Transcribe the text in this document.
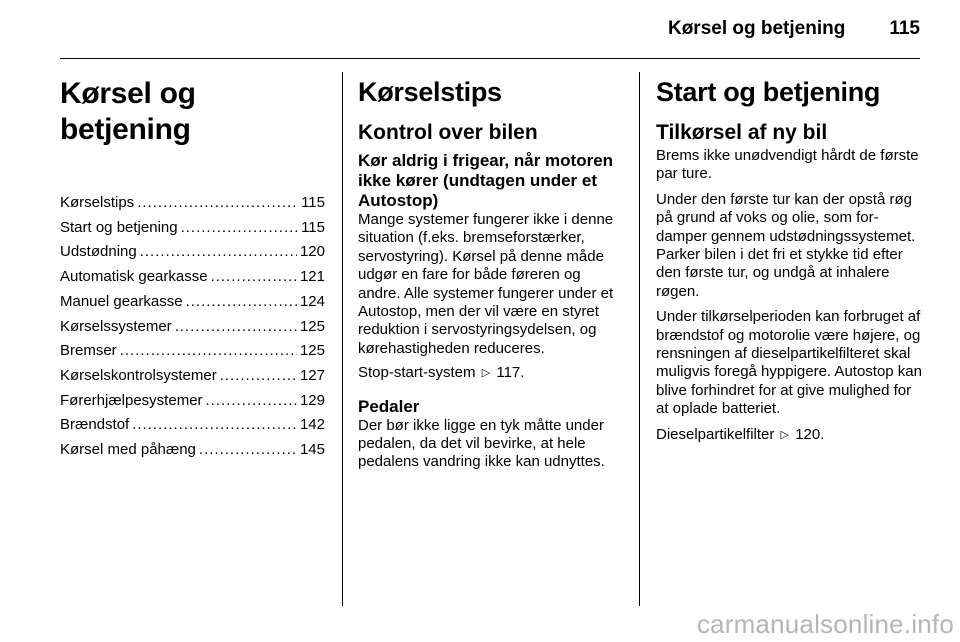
Kørsel og betjening 115
Kørsel og betjening
Kørselstips .....	115
Start og betjening .....	115
Udstødning .....	120
Automatisk gearkasse .....	121
Manuel gearkasse .....	124
Kørselssystemer .....	125
Bremser .....	125
Kørselskontrolsystemer .....	127
Førerhjælpesystemer .....	129
Brændstof .....	142
Kørsel med påhæng .....	145
Kørselstips
Kontrol over bilen
Kør aldrig i frigear, når motoren ikke kører (undtagen under et Autostop)

Mange systemer fungerer ikke i denne situation (f.eks. bremseforstærker, servostyring). Kørsel på denne måde udgør en fare for både føreren og andre. Alle systemer fungerer under et Autostop, men der vil være en styret reduktion i servostyringsydelsen, og kørehastigheden reduceres.

Stop-start-system ▷ 117.

Pedaler

Der bør ikke ligge en tyk måtte under pedalen, da det vil bevirke, at hele pedalens vandring ikke kan udnyttes.

Start og betjening
Tilkørsel af ny bil

Brems ikke unødvendigt hårdt de første par ture.

Under den første tur kan der opstå røg på grund af voks og olie, som fordamper gennem udstødningssystemet. Parker bilen i det fri et stykke tid efter den første tur, og undgå at inhalere røgen.

Under tilkørselperioden kan forbruget af brændstof og motorolie være højere, og rensningen af dieselpartikelfilteret skal muligvis foregå hyppigere. Autostop kan blive forhindret for at give mulighed for at oplade batteriet.

Dieselpartikelfilter ▷ 120.

carmanualsonline.info
